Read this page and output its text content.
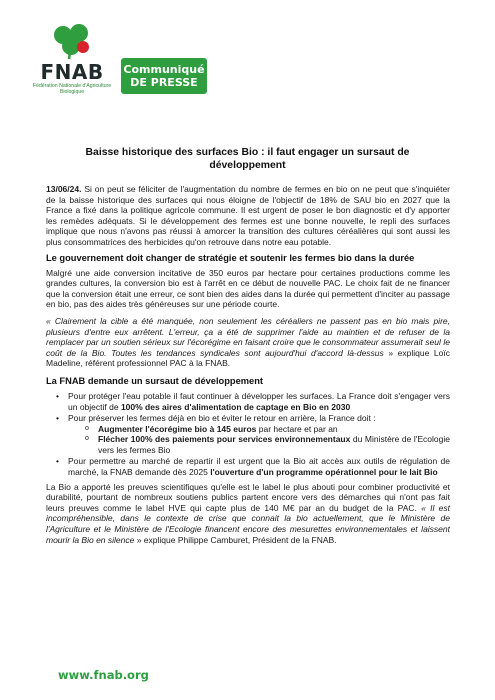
FNAB
Fédération Nationale d'Agriculture Biologique
Communiqué
DE PRESSE
Baisse historique des surfaces Bio : il faut engager un sursaut de développement

13/06/24. Si on peut se féliciter de l'augmentation du nombre de fermes en bio on ne peut que s'inquiéter de la baisse historique des surfaces qui nous éloigne de l'objectif de 18% de SAU bio en 2027 que la France a fixé dans la politique agricole commune. Il est urgent de poser le bon diagnostic et d'y apporter les remèdes adéquats. Si le développement des fermes est une bonne nouvelle, le repli des surfaces implique que nous n'avons pas réussi à amorcer la transition des cultures céréalières qui sont aussi les plus consommatrices des herbicides qu'on retrouve dans notre eau potable.

Le gouvernement doit changer de stratégie et soutenir les fermes bio dans la durée

Malgré une aide conversion incitative de 350 euros par hectare pour certaines productions comme les grandes cultures, la conversion bio est à l'arrêt en ce début de nouvelle PAC. Le choix fait de ne financer que la conversion était une erreur, ce sont bien des aides dans la durée qui permettent d'inciter au passage en bio, pas des aides très généreuses sur une période courte.

« Clairement la cible a été manquée, non seulement les céréaliers ne passent pas en bio mais pire, plusieurs d'entre eux arrêtent. L'erreur, ça a été de supprimer l'aide au maintien et de refuser de la remplacer par un soutien sérieux sur l'écorégime en faisant croire que le consommateur assumerait seul le coût de la Bio. Toutes les tendances syndicales sont aujourd'hui d'accord là-dessus » explique Loïc Madeline, référent professionnel PAC à la FNAB.

La FNAB demande un sursaut de développement
• Pour protéger l'eau potable il faut continuer à développer les surfaces. La France doit s'engager vers un objectif de 100% des aires d'alimentation de captage en Bio en 2030
• Pour préserver les fermes déjà en bio et éviter le retour en arrière, la France doit :
o Augmenter l'écorégime bio à 145 euros par hectare et par an
o Flécher 100% des paiements pour services environnementaux du Ministère de l'Ecologie vers les fermes Bio
• Pour permettre au marché de repartir il est urgent que la Bio ait accès aux outils de régulation de marché, la FNAB demande dès 2025 l'ouverture d'un programme opérationnel pour le lait Bio

La Bio a apporté les preuves scientifiques qu'elle est le label le plus abouti pour combiner productivité et durabilité, pourtant de nombreux soutiens publics partent encore vers des démarches qui n'ont pas fait leurs preuves comme le label HVE qui capte plus de 140 M€ par an du budget de la PAC. « Il est incompréhensible, dans le contexte de crise que connait la bio actuellement, que le Ministère de l'Agriculture et le Ministère de l'Ecologie financent encore des mesurettes environnementales et laissent mourir la Bio en silence » explique Philippe Camburet, Président de la FNAB.

www.fnab.org
